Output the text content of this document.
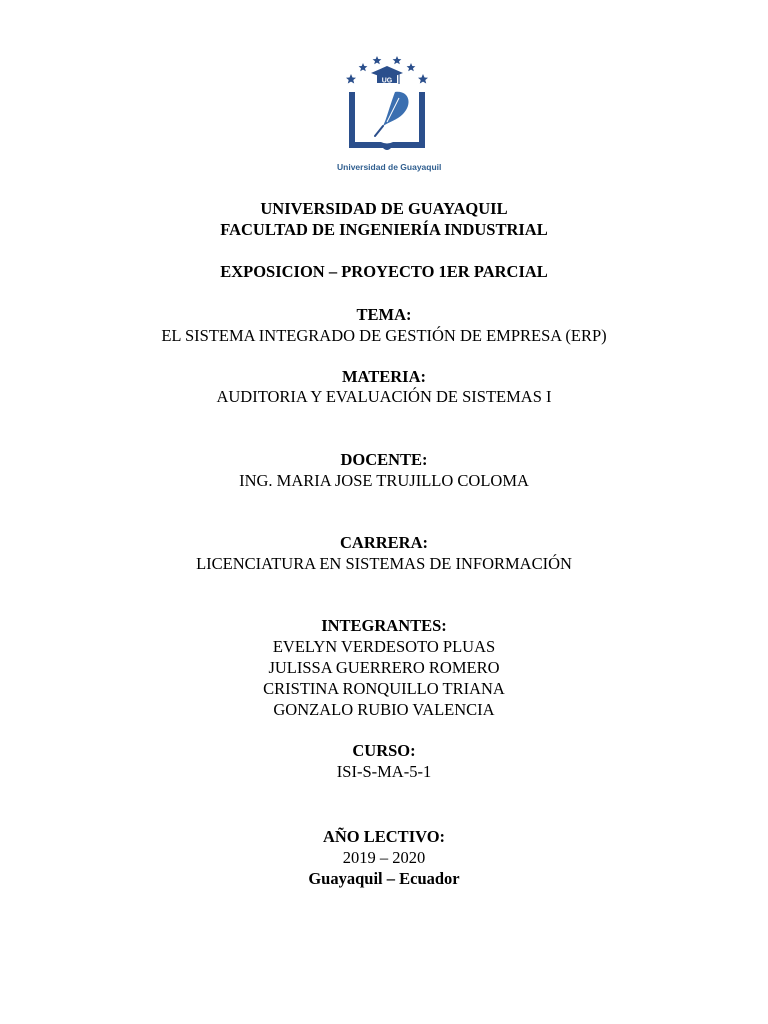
UG
Universidad de Guayaquil
UNIVERSIDAD DE GUAYAQUIL
FACULTAD DE INGENIERÍA INDUSTRIAL
EXPOSICION – PROYECTO 1ER PARCIAL
TEMA:
EL SISTEMA INTEGRADO DE GESTIÓN DE EMPRESA (ERP)
MATERIA:
AUDITORIA Y EVALUACIÓN DE SISTEMAS I
DOCENTE:
ING. MARIA JOSE TRUJILLO COLOMA
CARRERA:
LICENCIATURA EN SISTEMAS DE INFORMACIÓN
INTEGRANTES:
EVELYN VERDESOTO PLUAS
JULISSA GUERRERO ROMERO
CRISTINA RONQUILLO TRIANA
GONZALO RUBIO VALENCIA
CURSO:
ISI-S-MA-5-1
AÑO LECTIVO:
2019 – 2020
Guayaquil – Ecuador
